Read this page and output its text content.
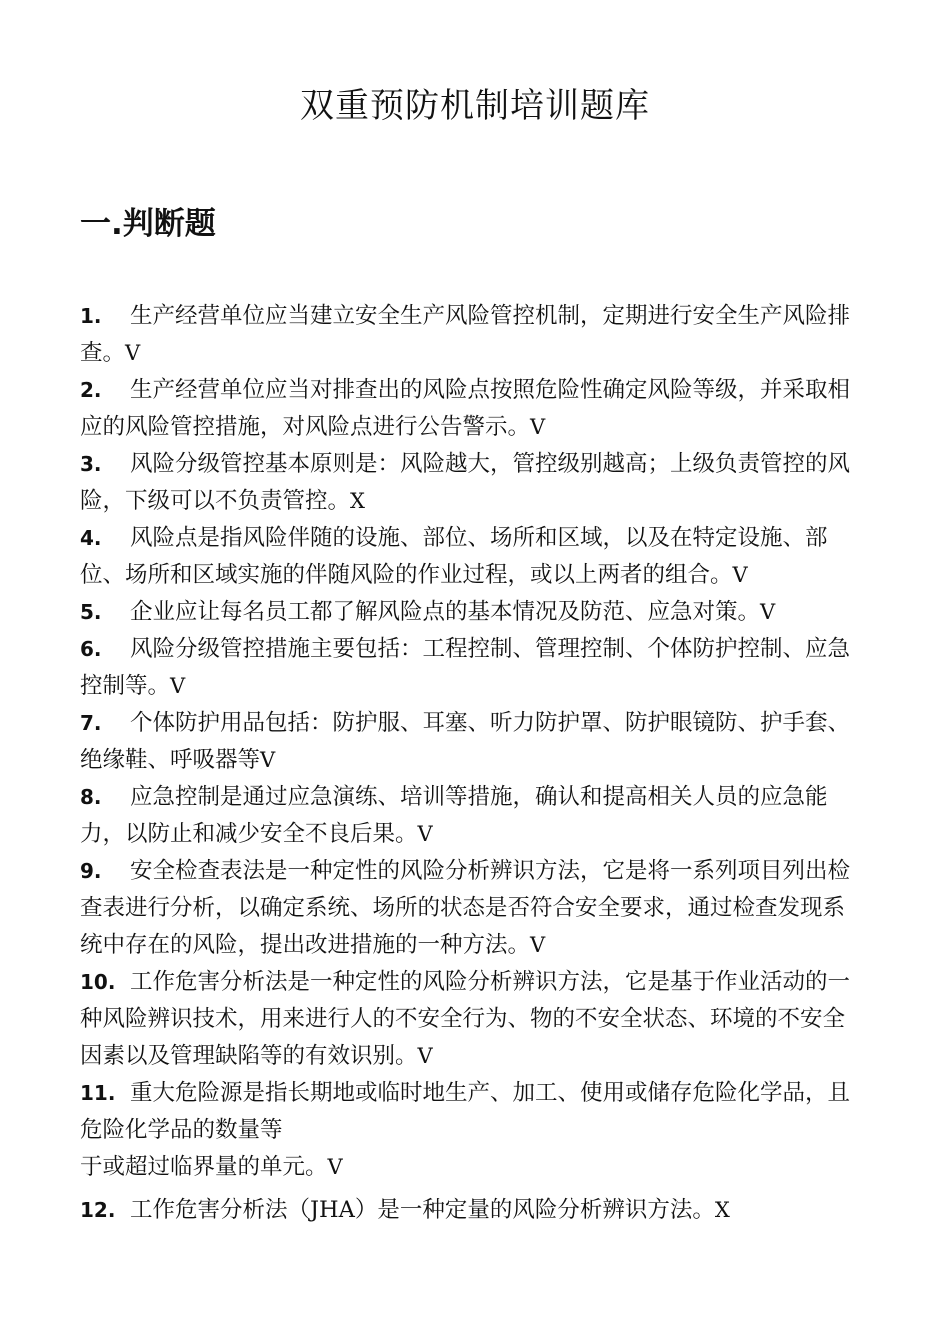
双重预防机制培训题库
一.判断题
1. 生产经营单位应当建立安全生产风险管控机制，定期进行安全生产风险排查。V
2. 生产经营单位应当对排查出的风险点按照危险性确定风险等级，并采取相应的风险管控措施，对风险点进行公告警示。V
3. 风险分级管控基本原则是：风险越大，管控级别越高；上级负责管控的风险，下级可以不负责管控。X
4. 风险点是指风险伴随的设施、部位、场所和区域，以及在特定设施、部位、场所和区域实施的伴随风险的作业过程，或以上两者的组合。V
5. 企业应让每名员工都了解风险点的基本情况及防范、应急对策。V
6. 风险分级管控措施主要包括：工程控制、管理控制、个体防护控制、应急控制等。V
7. 个体防护用品包括：防护服、耳塞、听力防护罩、防护眼镜防、护手套、绝缘鞋、呼吸器等V
8. 应急控制是通过应急演练、培训等措施，确认和提高相关人员的应急能力，以防止和减少安全不良后果。V
9. 安全检查表法是一种定性的风险分析辨识方法，它是将一系列项目列出检查表进行分析，以确定系统、场所的状态是否符合安全要求，通过检查发现系统中存在的风险，提出改进措施的一种方法。V
10. 工作危害分析法是一种定性的风险分析辨识方法，它是基于作业活动的一种风险辨识技术，用来进行人的不安全行为、物的不安全状态、环境的不安全因素以及管理缺陷等的有效识别。V
11. 重大危险源是指长期地或临时地生产、加工、使用或储存危险化学品，且危险化学品的数量等
于或超过临界量的单元。V
12. 工作危害分析法（JHA）是一种定量的风险分析辨识方法。X
